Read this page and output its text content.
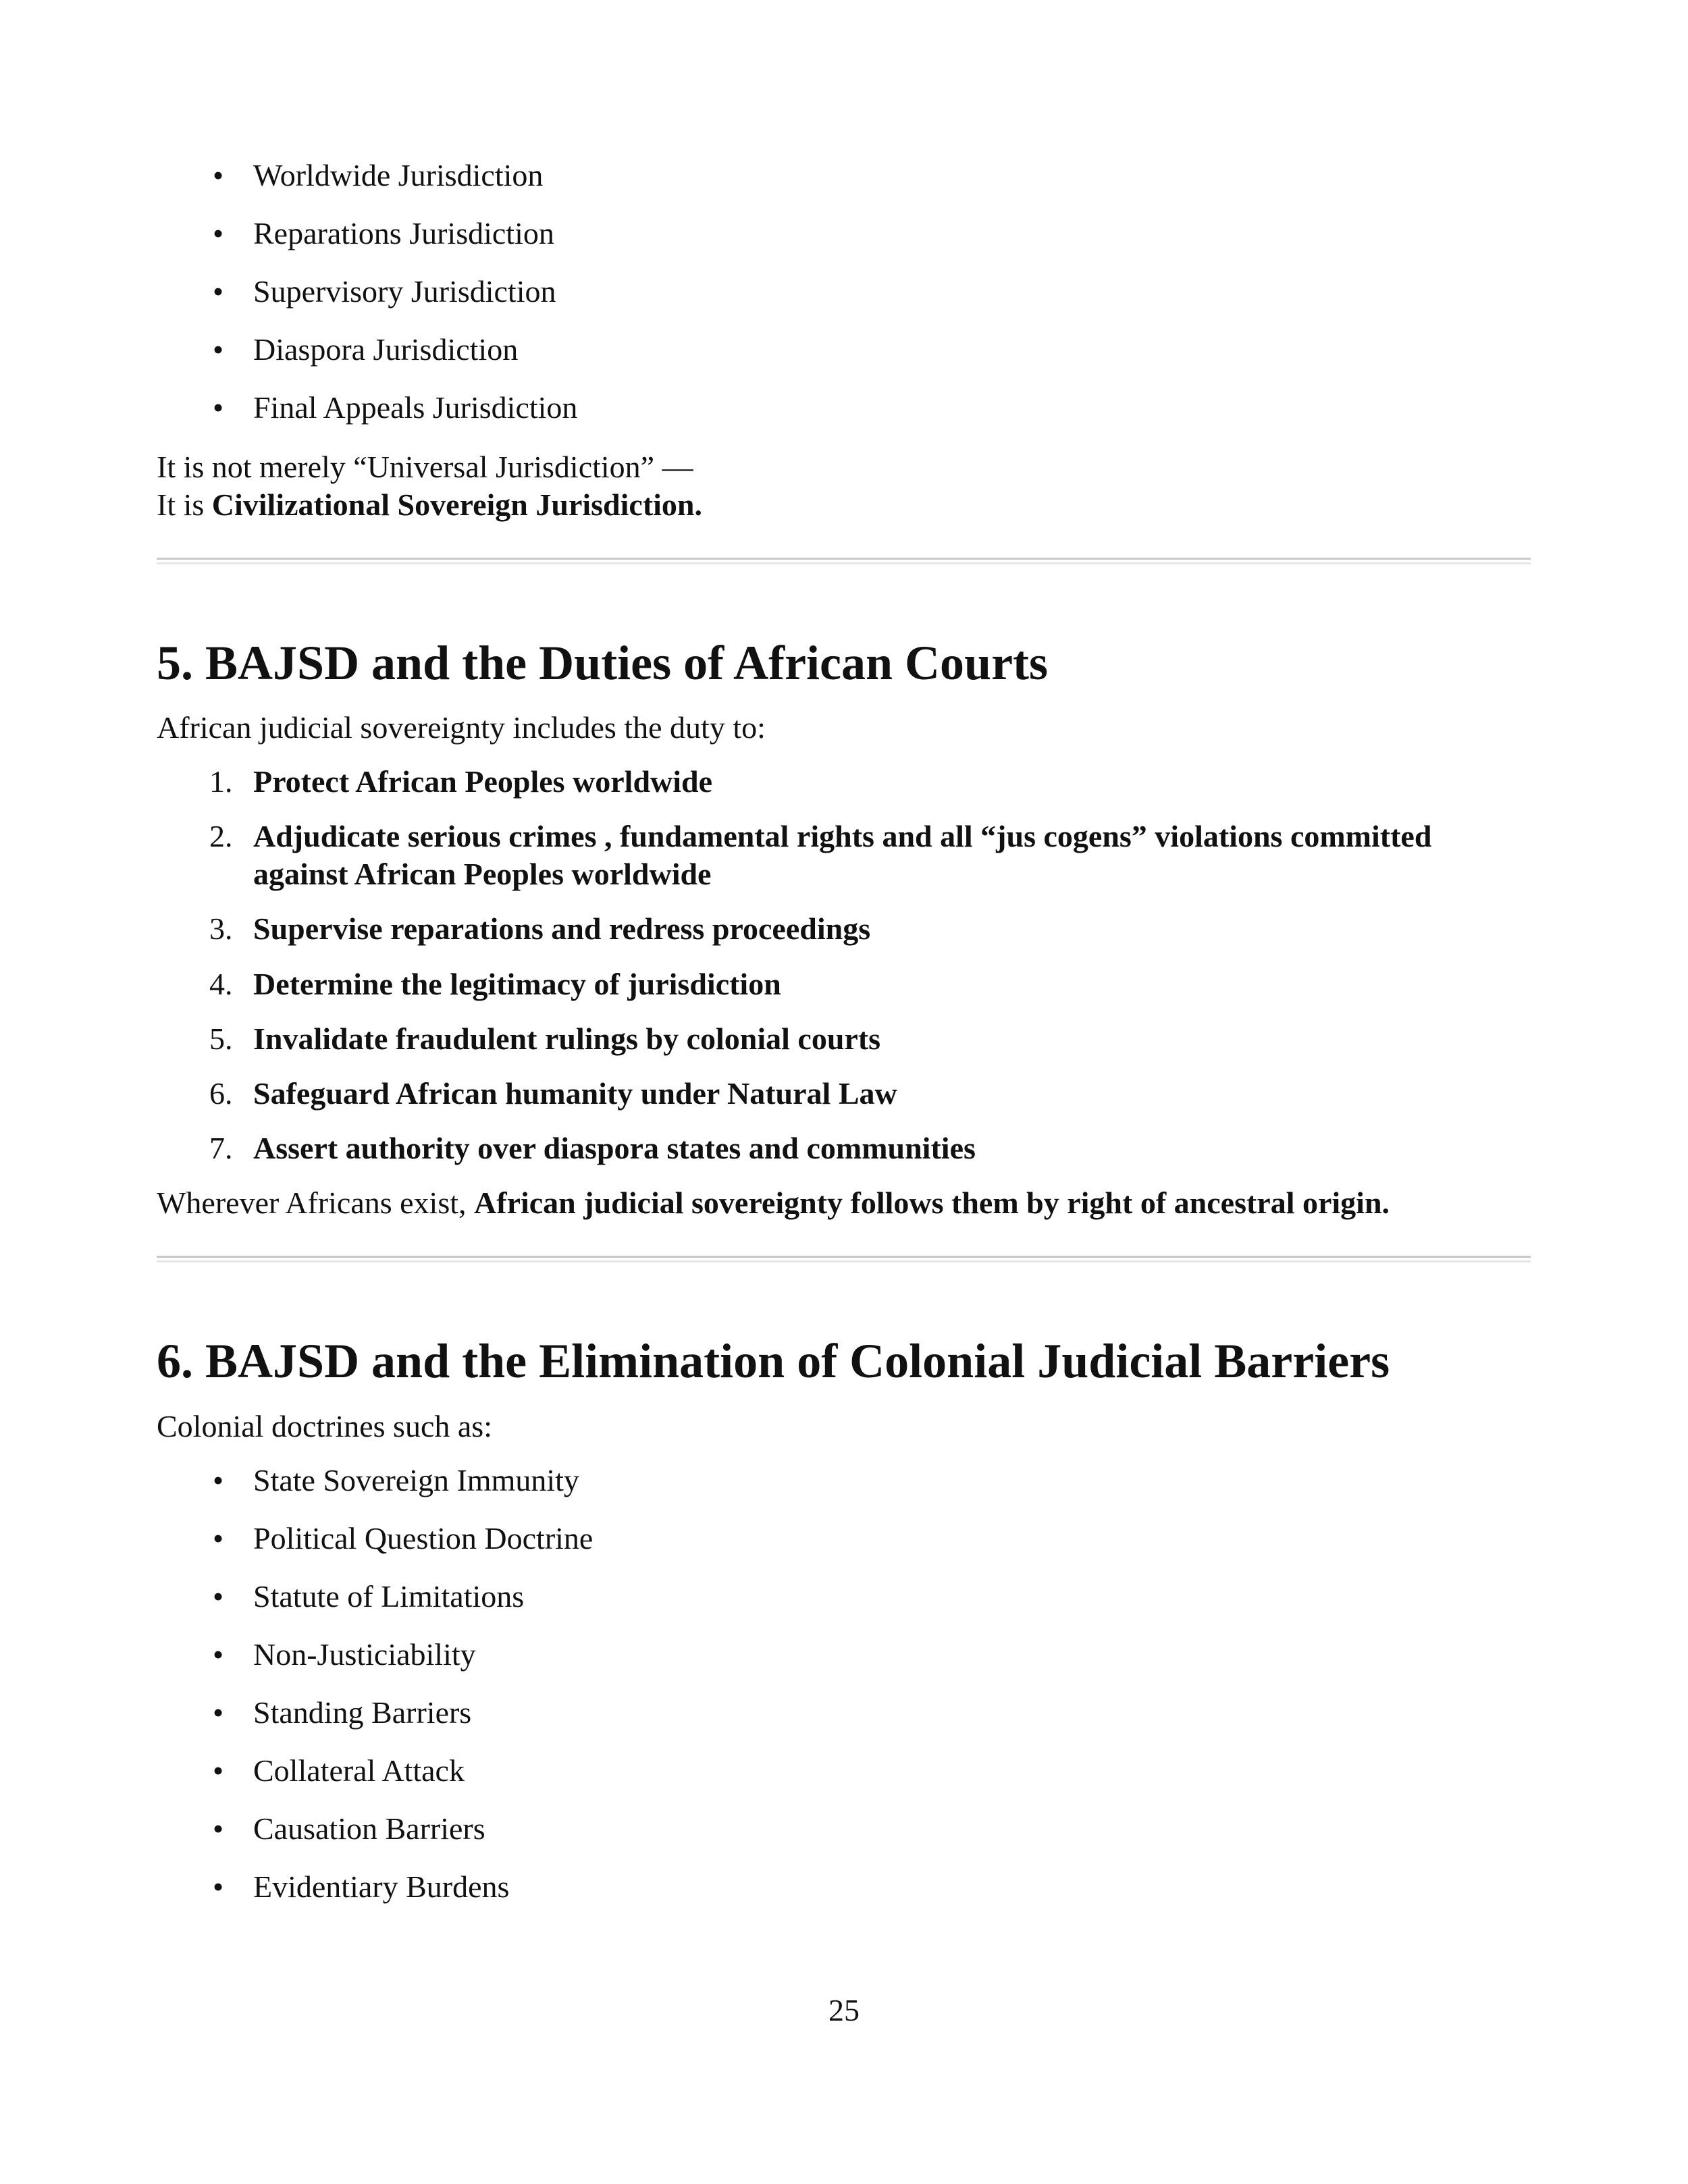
• Worldwide Jurisdiction
• Reparations Jurisdiction
• Supervisory Jurisdiction
• Diaspora Jurisdiction
• Final Appeals Jurisdiction
It is not merely “Universal Jurisdiction” —
It is Civilizational Sovereign Jurisdiction.
5. BAJSD and the Duties of African Courts
African judicial sovereignty includes the duty to:
1. Protect African Peoples worldwide
2. Adjudicate serious crimes , fundamental rights and all “jus cogens” violations committed against African Peoples worldwide
3. Supervise reparations and redress proceedings
4. Determine the legitimacy of jurisdiction
5. Invalidate fraudulent rulings by colonial courts
6. Safeguard African humanity under Natural Law
7. Assert authority over diaspora states and communities
Wherever Africans exist, African judicial sovereignty follows them by right of ancestral origin.
6. BAJSD and the Elimination of Colonial Judicial Barriers
Colonial doctrines such as:
• State Sovereign Immunity
• Political Question Doctrine
• Statute of Limitations
• Non-Justiciability
• Standing Barriers
• Collateral Attack
• Causation Barriers
• Evidentiary Burdens
25
